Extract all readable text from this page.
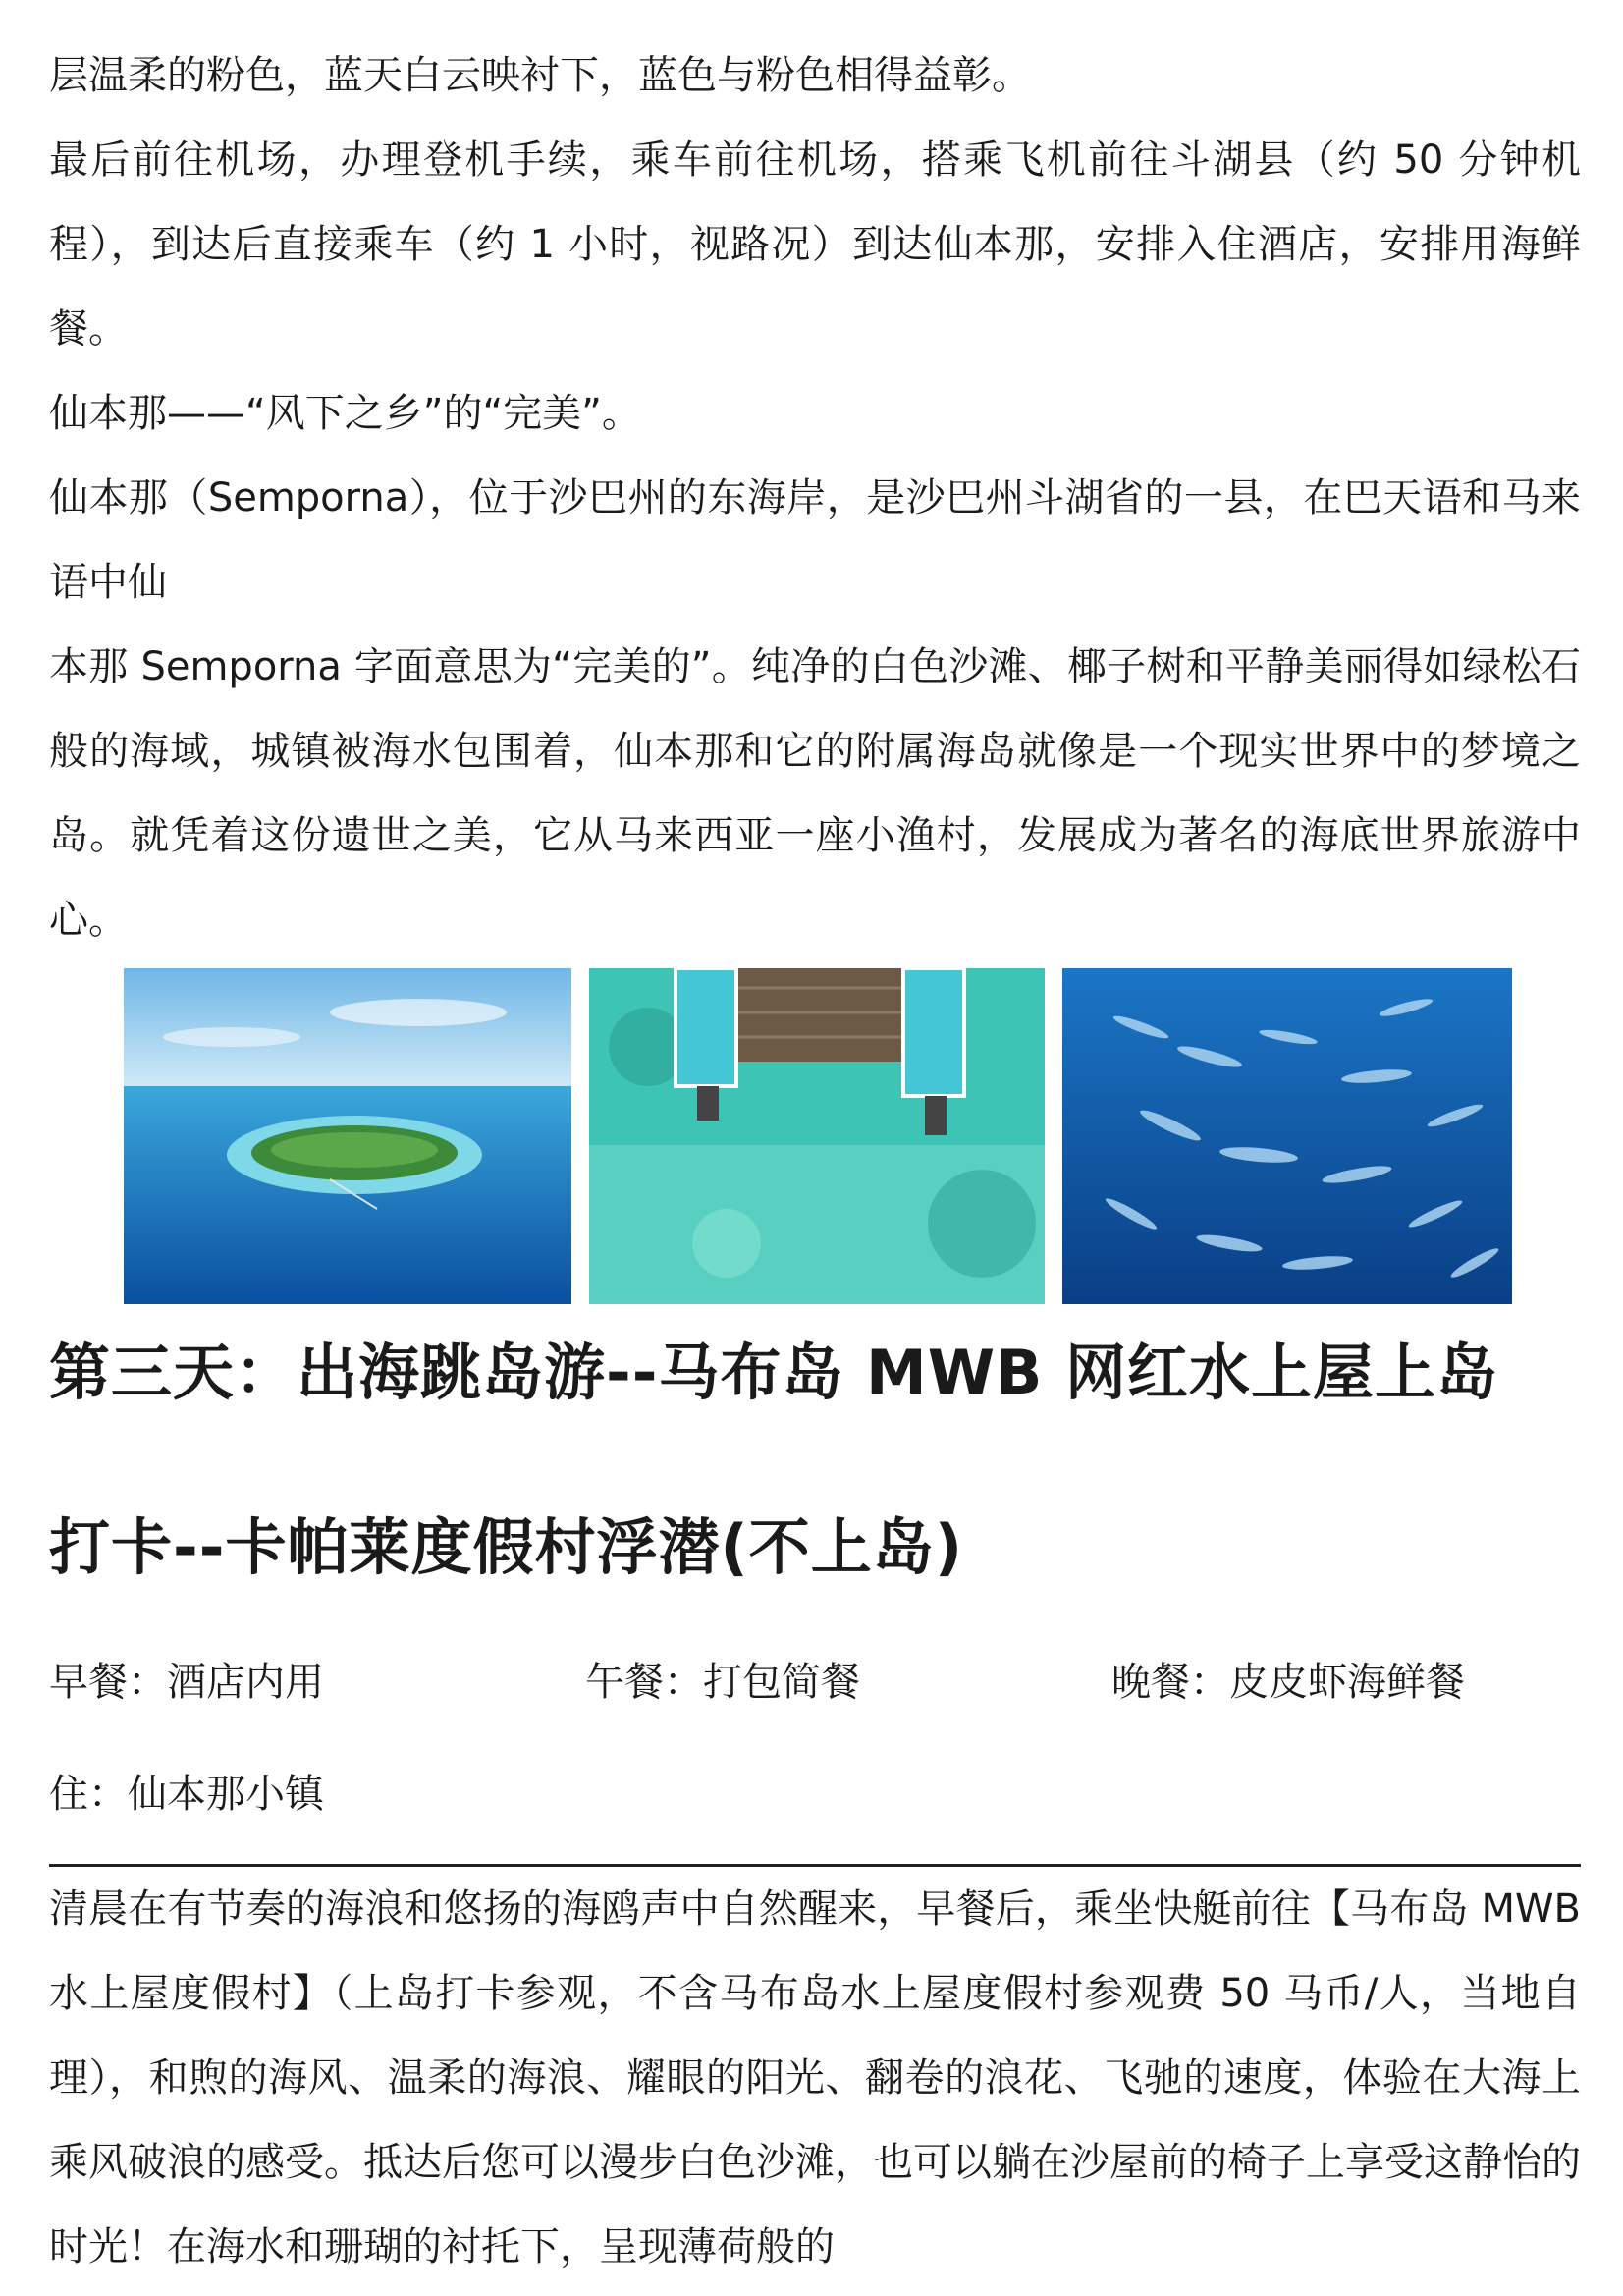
层温柔的粉色，蓝天白云映衬下，蓝色与粉色相得益彰。

最后前往机场，办理登机手续，乘车前往机场，搭乘飞机前往斗湖县（约 50 分钟机程），到达后直接乘车（约 1 小时，视路况）到达仙本那，安排入住酒店，安排用海鲜餐。

仙本那——“风下之乡”的“完美”。

仙本那（Semporna），位于沙巴州的东海岸，是沙巴州斗湖省的一县，在巴天语和马来语中仙

本那 Semporna 字面意思为“完美的”。纯净的白色沙滩、椰子树和平静美丽得如绿松石般的海域，城镇被海水包围着，仙本那和它的附属海岛就像是一个现实世界中的梦境之岛。就凭着这份遗世之美，它从马来西亚一座小渔村，发展成为著名的海底世界旅游中心。

第三天：出海跳岛游--马布岛 MWB 网红水上屋上岛
打卡--卡帕莱度假村浮潜(不上岛)
早餐：酒店内用	午餐：打包简餐	晚餐：皮皮虾海鲜餐
住：仙本那小镇

清晨在有节奏的海浪和悠扬的海鸥声中自然醒来，早餐后，乘坐快艇前往【马布岛 MWB 水上屋度假村】（上岛打卡参观，不含马布岛水上屋度假村参观费 50 马币/人，当地自理），和煦的海风、温柔的海浪、耀眼的阳光、翻卷的浪花、飞驰的速度，体验在大海上乘风破浪的感受。抵达后您可以漫步白色沙滩，也可以躺在沙屋前的椅子上享受这静怡的时光！在海水和珊瑚的衬托下，呈现薄荷般的
